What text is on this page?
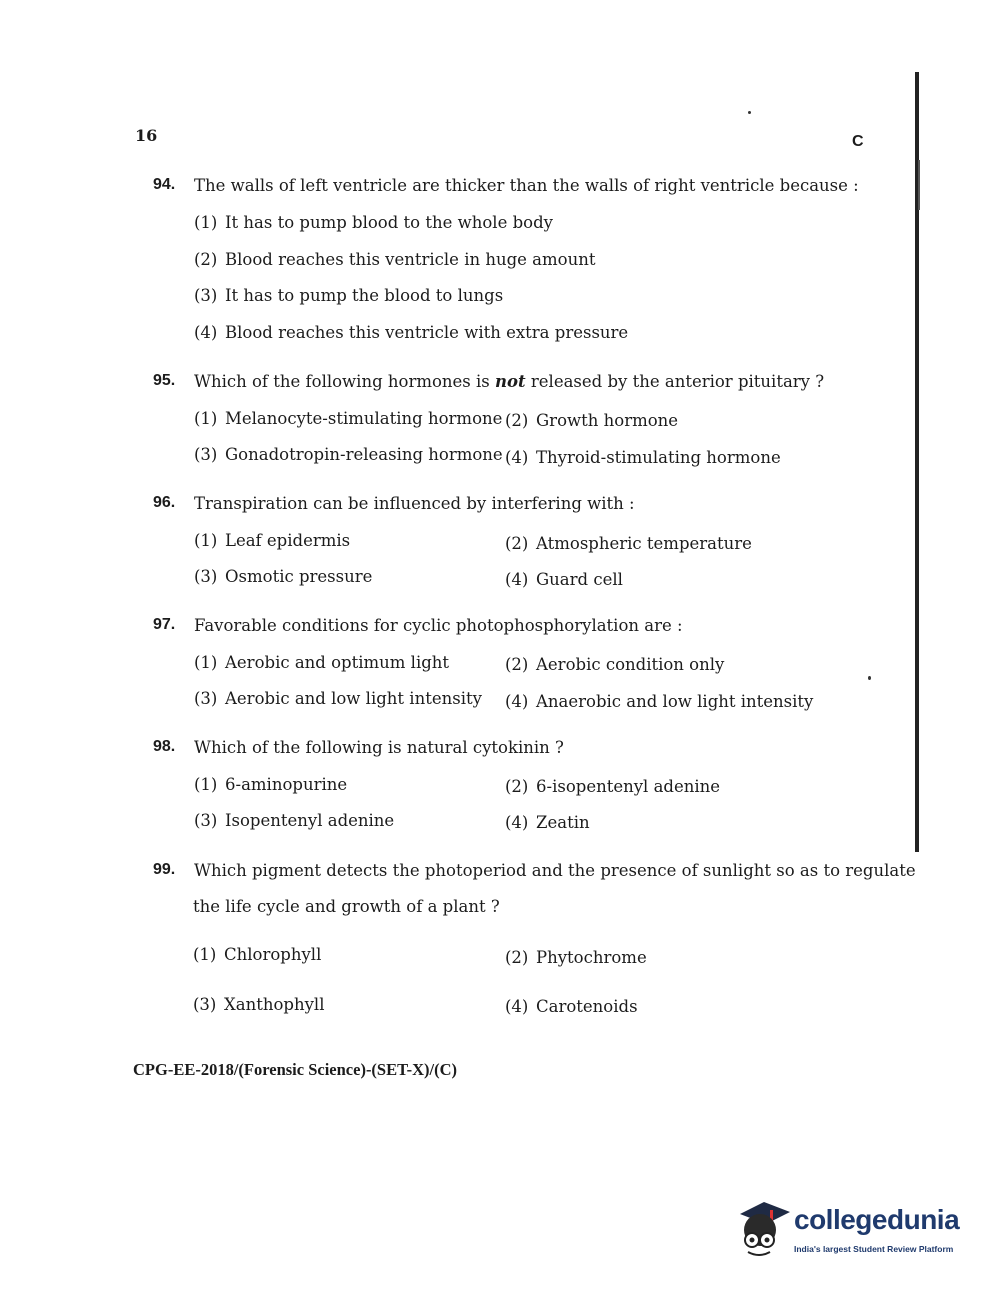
16	C
94. The walls of left ventricle are thicker than the walls of right ventricle because :
(1) It has to pump blood to the whole body
(2) Blood reaches this ventricle in huge amount
(3) It has to pump the blood to lungs
(4) Blood reaches this ventricle with extra pressure
95. Which of the following hormones is not released by the anterior pituitary ?
(1) Melanocyte-stimulating hormone (2) Growth hormone
(3) Gonadotropin-releasing hormone (4) Thyroid-stimulating hormone
96. Transpiration can be influenced by interfering with :
(1) Leaf epidermis	(2) Atmospheric temperature
(3) Osmotic pressure	(4) Guard cell
97. Favorable conditions for cyclic photophosphorylation are :
(1) Aerobic and optimum light	(2) Aerobic condition only
(3) Aerobic and low light intensity (4) Anaerobic and low light intensity
98. Which of the following is natural cytokinin ?
(1) 6-aminopurine	(2) 6-isopentenyl adenine
(3) Isopentenyl adenine	(4) Zeatin
99. Which pigment detects the photoperiod and the presence of sunlight so as to regulate
the life cycle and growth of a plant ?
(1) Chlorophyll	(2) Phytochrome
(3) Xanthophyll	(4) Carotenoids
CPG-EE-2018/(Forensic Science)-(SET-X)/(C)
collegedunia
India's largest Student Review Platform
